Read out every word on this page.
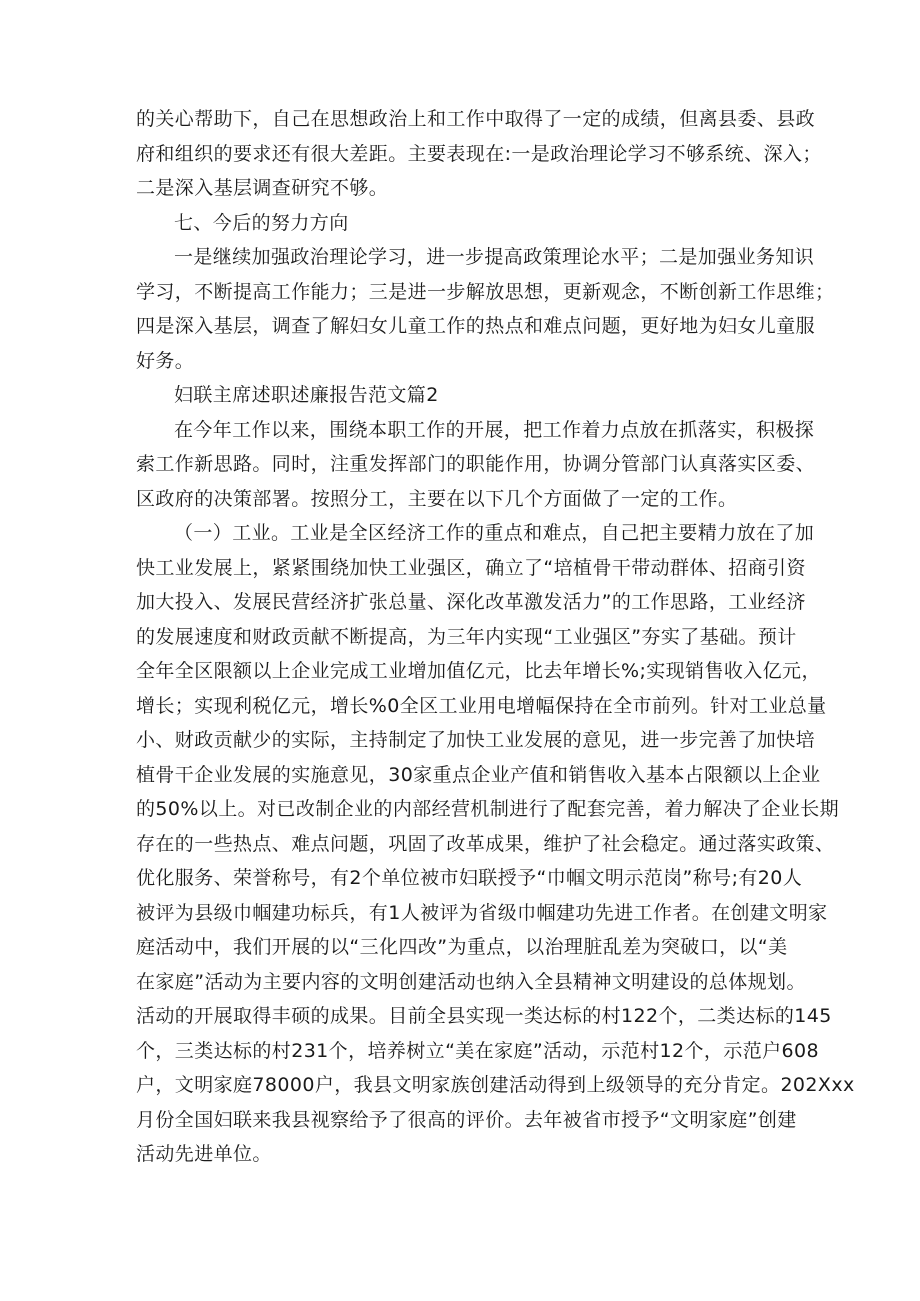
的关心帮助下，自己在思想政治上和工作中取得了一定的成绩，但离县委、县政

府和组织的要求还有很大差距。主要表现在:一是政治理论学习不够系统、深入；

二是深入基层调查研究不够。

七、今后的努力方向

一是继续加强政治理论学习，进一步提高政策理论水平；二是加强业务知识

学习，不断提高工作能力；三是进一步解放思想，更新观念，不断创新工作思维；

四是深入基层，调查了解妇女儿童工作的热点和难点问题，更好地为妇女儿童服

好务。

妇联主席述职述廉报告范文篇2

在今年工作以来，围绕本职工作的开展，把工作着力点放在抓落实，积极探

索工作新思路。同时，注重发挥部门的职能作用，协调分管部门认真落实区委、

区政府的决策部署。按照分工，主要在以下几个方面做了一定的工作。

（一）工业。工业是全区经济工作的重点和难点，自己把主要精力放在了加

快工业发展上，紧紧围绕加快工业强区，确立了“培植骨干带动群体、招商引资

加大投入、发展民营经济扩张总量、深化改革激发活力”的工作思路，工业经济

的发展速度和财政贡献不断提高，为三年内实现“工业强区”夯实了基础。预计

全年全区限额以上企业完成工业增加值亿元，比去年增长%;实现销售收入亿元，

增长；实现利税亿元，增长%0全区工业用电增幅保持在全市前列。针对工业总量

小、财政贡献少的实际，主持制定了加快工业发展的意见，进一步完善了加快培

植骨干企业发展的实施意见，30家重点企业产值和销售收入基本占限额以上企业

的50%以上。对已改制企业的内部经营机制进行了配套完善，着力解决了企业长期

存在的一些热点、难点问题，巩固了改革成果，维护了社会稳定。通过落实政策、

优化服务、荣誉称号，有2个单位被市妇联授予“巾帼文明示范岗”称号;有20人

被评为县级巾帼建功标兵，有1人被评为省级巾帼建功先进工作者。在创建文明家

庭活动中，我们开展的以“三化四改”为重点，以治理脏乱差为突破口，以“美

在家庭”活动为主要内容的文明创建活动也纳入全县精神文明建设的总体规划。

活动的开展取得丰硕的成果。目前全县实现一类达标的村122个，二类达标的145

个，三类达标的村231个，培养树立“美在家庭”活动，示范村12个，示范户608

户，文明家庭78000户，我县文明家族创建活动得到上级领导的充分肯定。202Xxx

月份全国妇联来我县视察给予了很高的评价。去年被省市授予“文明家庭”创建

活动先进单位。
